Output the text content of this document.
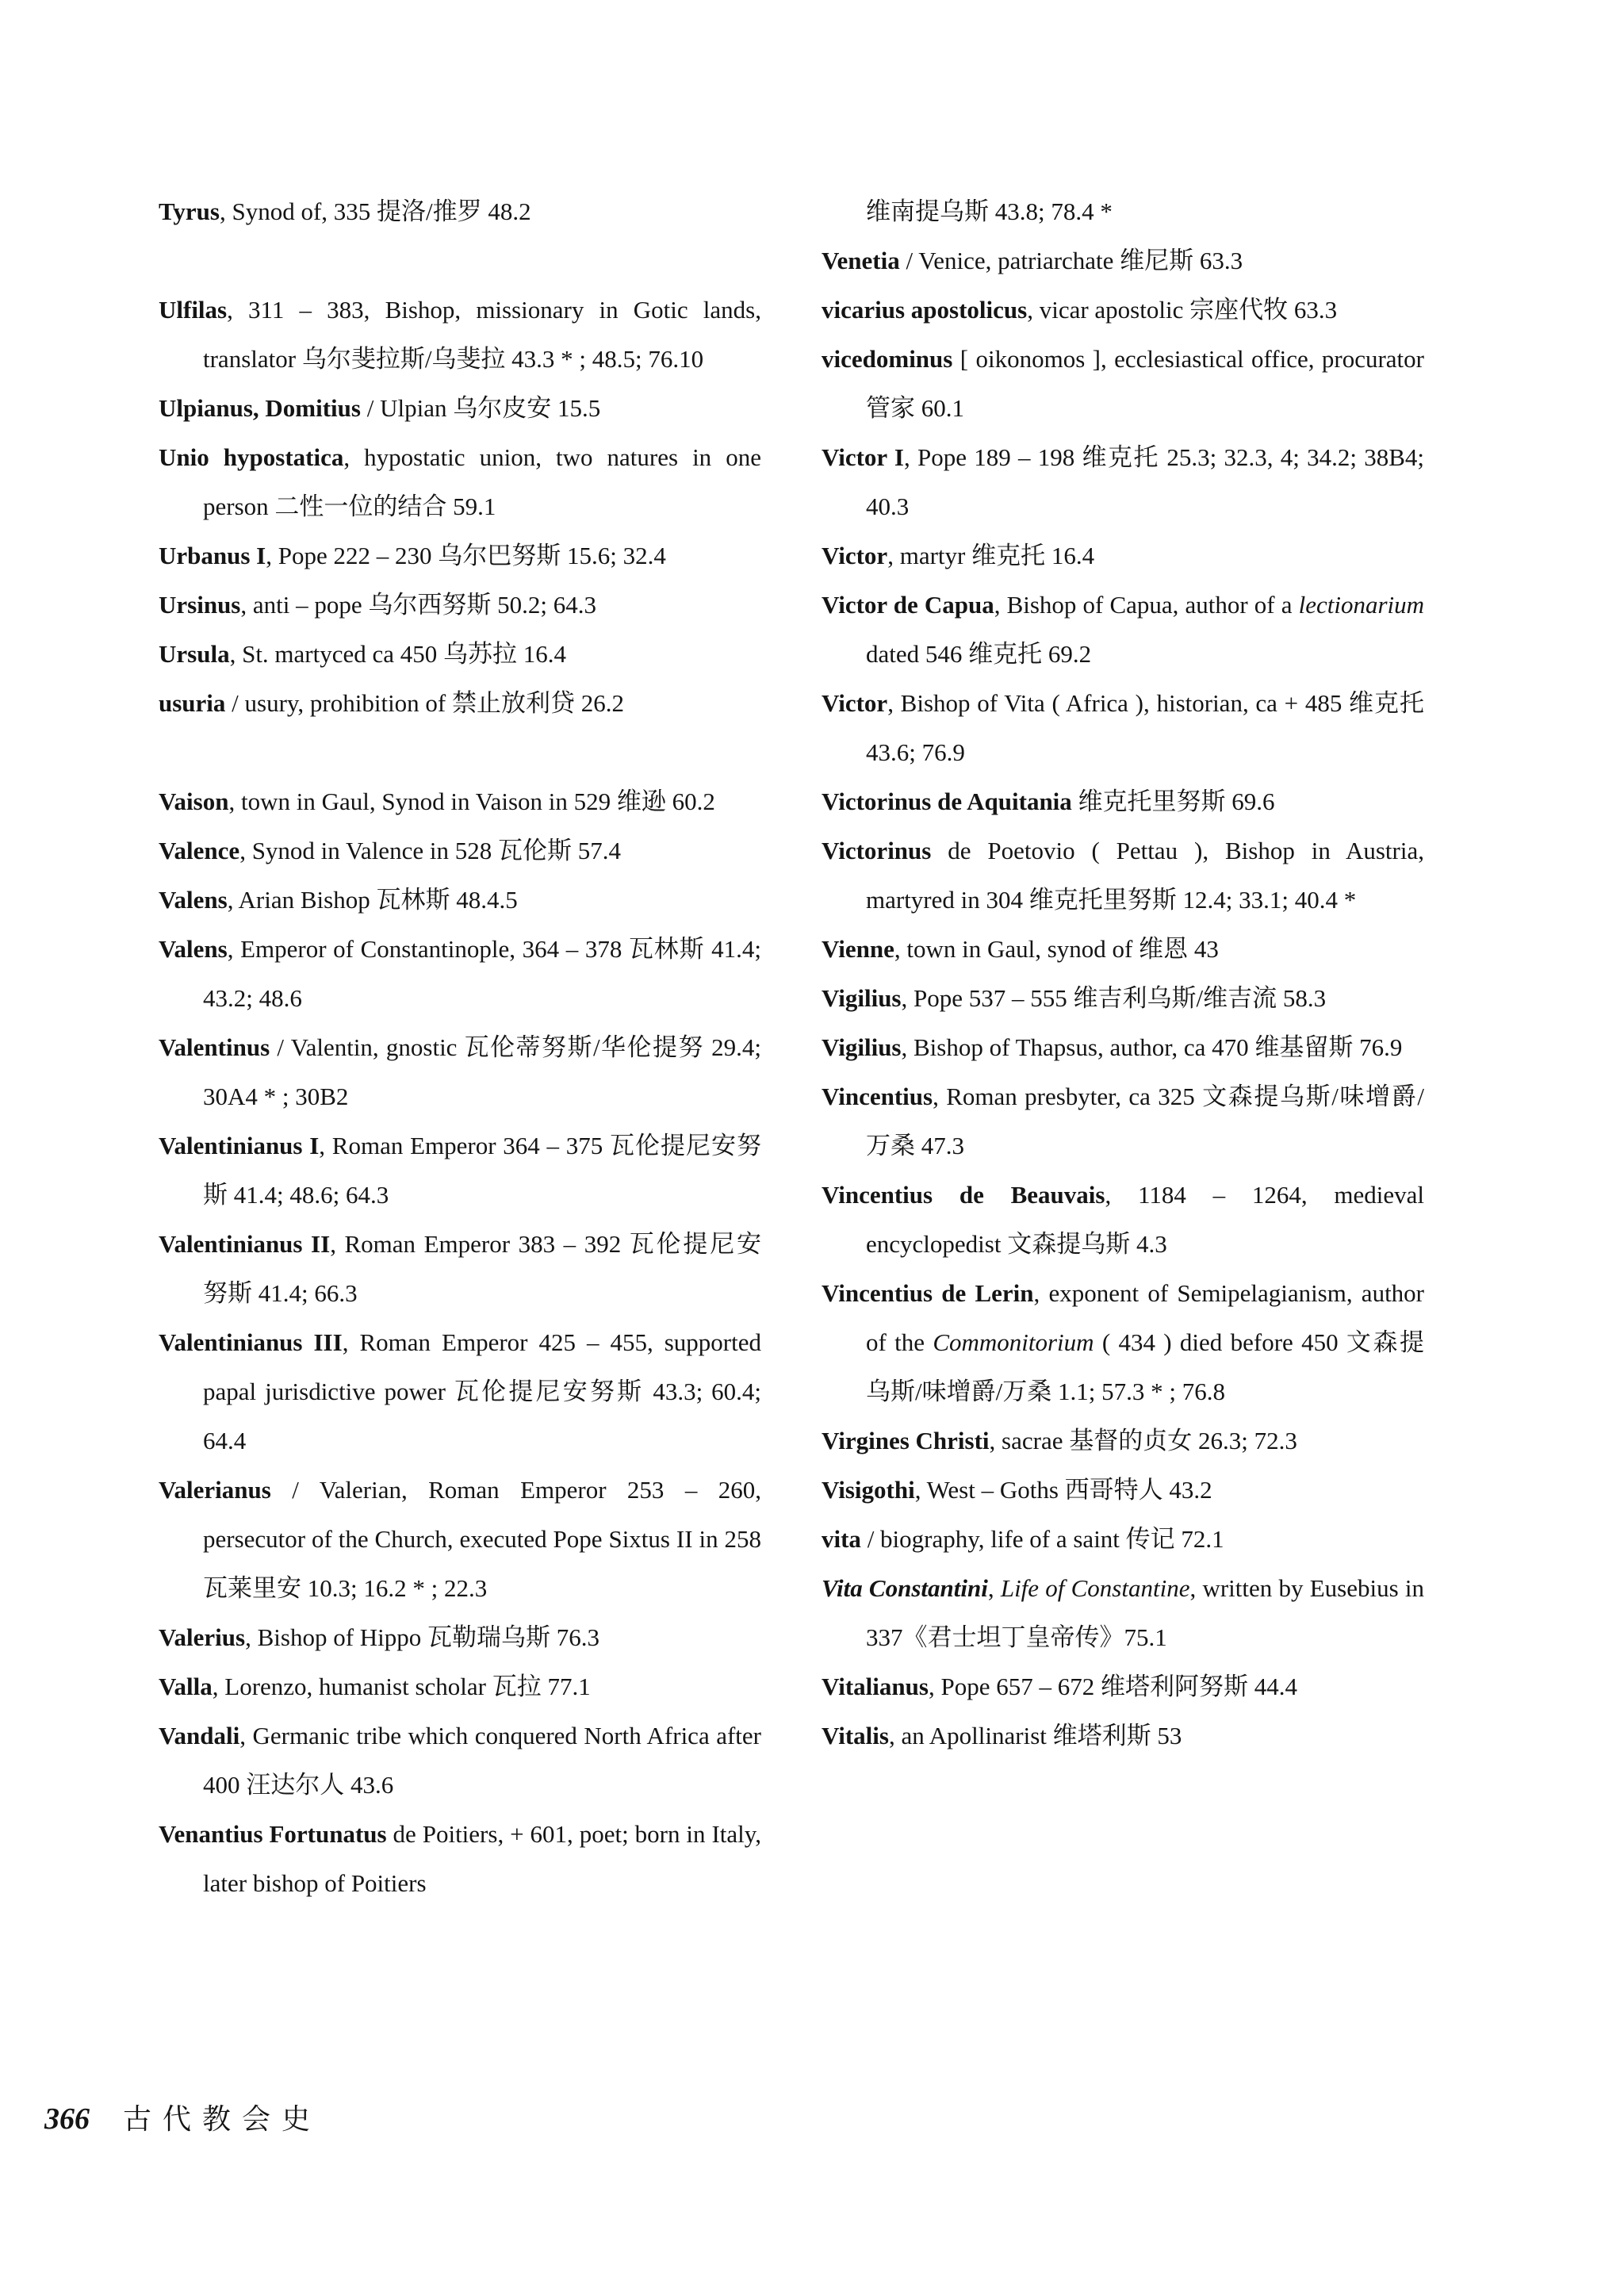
Tyrus, Synod of, 335 提洛/推罗 48.2
Ulfilas, 311 – 383, Bishop, missionary in Gotic lands, translator 乌尔斐拉斯/乌斐拉 43.3 * ; 48.5; 76.10
Ulpianus, Domitius / Ulpian 乌尔皮安 15.5
Unio hypostatica, hypostatic union, two natures in one person 二性一位的结合 59.1
Urbanus I, Pope 222 – 230 乌尔巴努斯 15.6; 32.4
Ursinus, anti – pope 乌尔西努斯 50.2; 64.3
Ursula, St. martyced ca 450 乌苏拉 16.4
usuria / usury, prohibition of 禁止放利贷 26.2
Vaison, town in Gaul, Synod in Vaison in 529 维逊 60.2
Valence, Synod in Valence in 528 瓦伦斯 57.4
Valens, Arian Bishop 瓦林斯 48.4.5
Valens, Emperor of Constantinople, 364 – 378 瓦林斯 41.4; 43.2; 48.6
Valentinus / Valentin, gnostic 瓦伦蒂努斯/华伦提努 29.4; 30A4 * ; 30B2
Valentinianus I, Roman Emperor 364 – 375 瓦伦提尼安努斯 41.4; 48.6; 64.3
Valentinianus II, Roman Emperor 383 – 392 瓦伦提尼安努斯 41.4; 66.3
Valentinianus III, Roman Emperor 425 – 455, supported papal jurisdictive power 瓦伦提尼安努斯 43.3; 60.4; 64.4
Valerianus / Valerian, Roman Emperor 253 – 260, persecutor of the Church, executed Pope Sixtus II in 258 瓦莱里安 10.3; 16.2 * ; 22.3
Valerius, Bishop of Hippo 瓦勒瑞乌斯 76.3
Valla, Lorenzo, humanist scholar 瓦拉 77.1
Vandali, Germanic tribe which conquered North Africa after 400 汪达尔人 43.6
Venantius Fortunatus de Poitiers, + 601, poet; born in Italy, later bishop of Poitiers
维南提乌斯 43.8; 78.4 *
Venetia / Venice, patriarchate 维尼斯 63.3
vicarius apostolicus, vicar apostolic 宗座代牧 63.3
vicedominus [ oikonomos ], ecclesiastical office, procurator 管家 60.1
Victor I, Pope 189 – 198 维克托 25.3; 32.3, 4; 34.2; 38B4; 40.3
Victor, martyr 维克托 16.4
Victor de Capua, Bishop of Capua, author of a lectionarium dated 546 维克托 69.2
Victor, Bishop of Vita ( Africa ), historian, ca + 485 维克托 43.6; 76.9
Victorinus de Aquitania 维克托里努斯 69.6
Victorinus de Poetovio ( Pettau ), Bishop in Austria, martyred in 304 维克托里努斯 12.4; 33.1; 40.4 *
Vienne, town in Gaul, synod of 维恩 43
Vigilius, Pope 537 – 555 维吉利乌斯/维吉流 58.3
Vigilius, Bishop of Thapsus, author, ca 470 维基留斯 76.9
Vincentius, Roman presbyter, ca 325 文森提乌斯/味增爵/万桑 47.3
Vincentius de Beauvais, 1184 – 1264, medieval encyclopedist 文森提乌斯 4.3
Vincentius de Lerin, exponent of Semipelagianism, author of the Commonitorium ( 434 ) died before 450 文森提乌斯/味增爵/万桑 1.1; 57.3 * ; 76.8
Virgines Christi, sacrae 基督的贞女 26.3; 72.3
Visigothi, West – Goths 西哥特人 43.2
vita / biography, life of a saint 传记 72.1
Vita Constantini, Life of Constantine, written by Eusebius in 337《君士坦丁皇帝传》75.1
Vitalianus, Pope 657 – 672 维塔利阿努斯 44.4
Vitalis, an Apollinarist 维塔利斯 53
366 古代教会史
